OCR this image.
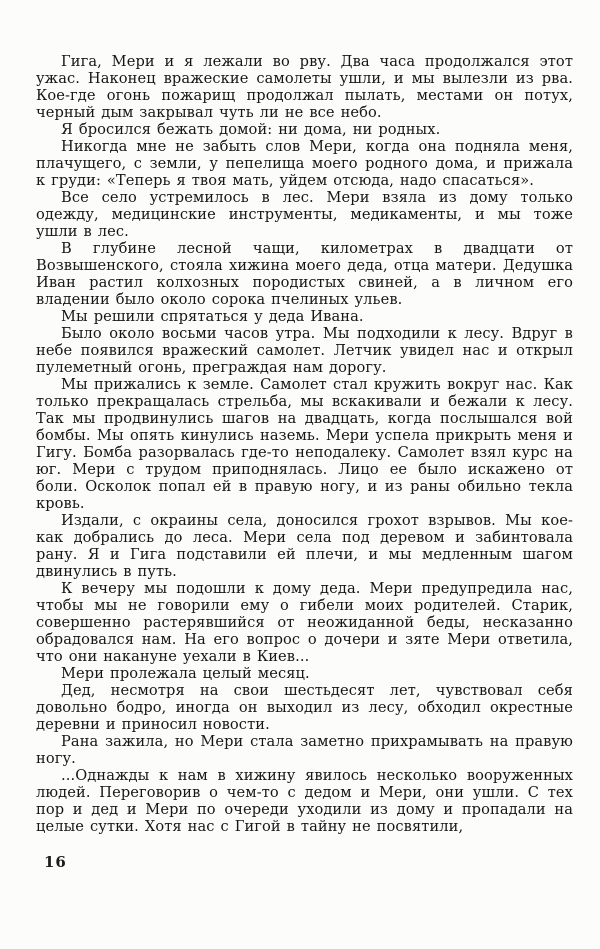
Гига, Мери и я лежали во рву. Два часа продолжался этот ужас. Наконец вражеские самолеты ушли, и мы вылезли из рва. Кое-где огонь пожарищ продолжал пылать, местами он потух, черный дым закрывал чуть ли не все небо.

Я бросился бежать домой: ни дома, ни родных.

Никогда мне не забыть слов Мери, когда она подняла меня, плачущего, с земли, у пепелища моего родного дома, и прижала к груди: «Теперь я твоя мать, уйдем отсюда, надо спасаться».

Все село устремилось в лес. Мери взяла из дому только одежду, медицинские инструменты, медикаменты, и мы тоже ушли в лес.

В глубине лесной чащи, километрах в двадцати от Возвышенского, стояла хижина моего деда, отца матери. Дедушка Иван растил колхозных породистых свиней, а в личном его владении было около сорока пчелиных ульев.

Мы решили спрятаться у деда Ивана.

Было около восьми часов утра. Мы подходили к лесу. Вдруг в небе появился вражеский самолет. Летчик увидел нас и открыл пулеметный огонь, преграждая нам дорогу.

Мы прижались к земле. Самолет стал кружить вокруг нас. Как только прекращалась стрельба, мы вскакивали и бежали к лесу. Так мы продвинулись шагов на двадцать, когда послышался вой бомбы. Мы опять кинулись наземь. Мери успела прикрыть меня и Гигу. Бомба разорвалась где-то неподалеку. Самолет взял курс на юг. Мери с трудом приподнялась. Лицо ее было искажено от боли. Осколок попал ей в правую ногу, и из раны обильно текла кровь.

Издали, с окраины села, доносился грохот взрывов. Мы кое-как добрались до леса. Мери села под деревом и забинтовала рану. Я и Гига подставили ей плечи, и мы медленным шагом двинулись в путь.

К вечеру мы подошли к дому деда. Мери предупредила нас, чтобы мы не говорили ему о гибели моих родителей. Старик, совершенно растерявшийся от неожиданной беды, несказанно обрадовался нам. На его вопрос о дочери и зяте Мери ответила, что они накануне уехали в Киев...

Мери пролежала целый месяц.

Дед, несмотря на свои шестьдесят лет, чувствовал себя довольно бодро, иногда он выходил из лесу, обходил окрестные деревни и приносил новости.

Рана зажила, но Мери стала заметно прихрамывать на правую ногу.

...Однажды к нам в хижину явилось несколько вооруженных людей. Переговорив о чем-то с дедом и Мери, они ушли. С тех пор и дед и Мери по очереди уходили из дому и пропадали на целые сутки. Хотя нас с Гигой в тайну не посвятили,

16
